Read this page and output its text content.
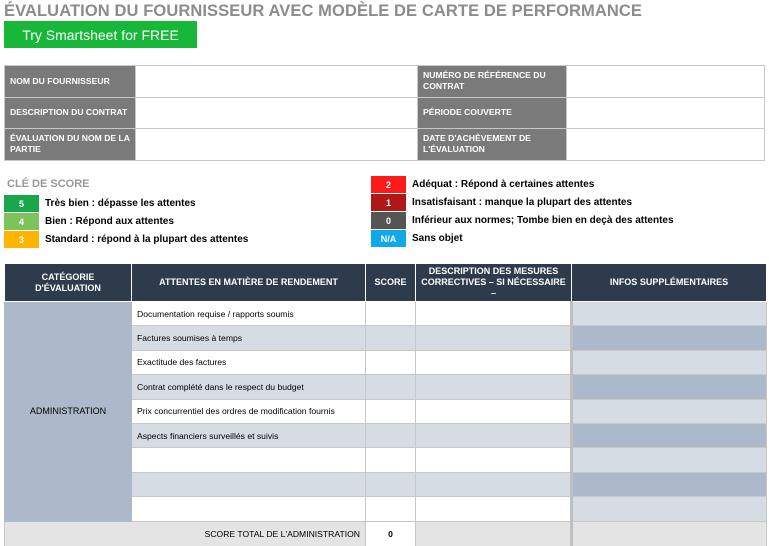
ÉVALUATION DU FOURNISSEUR AVEC MODÈLE DE CARTE DE PERFORMANCE
Try Smartsheet for FREE
NOM DU FOURNISSEUR		NUMÉRO DE RÉFÉRENCE DU CONTRAT	
DESCRIPTION DU CONTRAT		PÉRIODE COUVERTE	
ÉVALUATION DU NOM DE LA PARTIE		DATE D'ACHÈVEMENT DE L'ÉVALUATION	
CLÉ DE SCORE
5	Très bien : dépasse les attentes
4	Bien : Répond aux attentes
3	Standard : répond à la plupart des attentes
2	Adéquat : Répond à certaines attentes
1	Insatisfaisant : manque la plupart des attentes
0	Inférieur aux normes; Tombe bien en deçà des attentes
N/A	Sans objet
CATÉGORIE D'ÉVALUATION	ATTENTES EN MATIÈRE DE RENDEMENT	SCORE	DESCRIPTION DES MESURES CORRECTIVES – SI NÉCESSAIRE –	INFOS SUPPLÉMENTAIRES
ADMINISTRATION	Documentation requise / rapports soumis			
	Factures soumises à temps			
	Exactitude des factures			
	Contrat complété dans le respect du budget			
	Prix concurrentiel des ordres de modification fournis			
	Aspects financiers surveillés et suivis			

SCORE TOTAL DE L'ADMINISTRATION		0		
